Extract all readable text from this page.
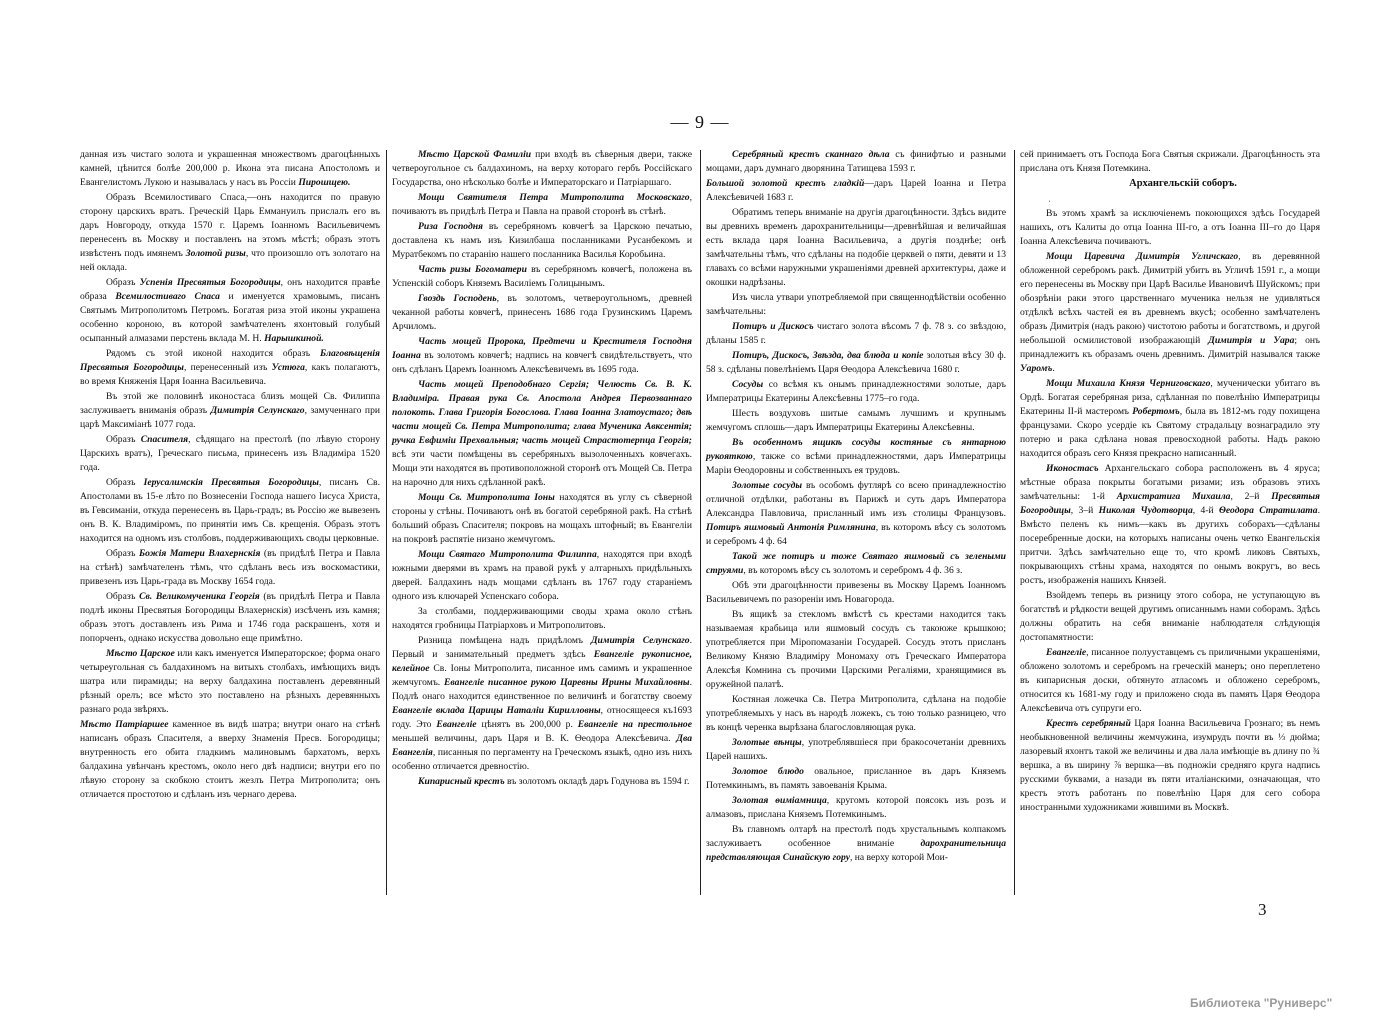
— 9 —

данная изъ чистаго золота и украшенная множествомъ драгоцѣнныхъ камней, цѣнится болѣе 200,000 р. Икона эта писана Апостоломъ и Евангелистомъ Лукою и называлась у насъ въ Россіи Пирошщею.

Образъ Всемилостиваго Спаса,—онъ находится по правую сторону царскихъ вратъ. Греческій Царь Еммануилъ прислалъ его въ даръ Новгороду, откуда 1570 г. Царемъ Іоанномъ Васильевичемъ перенесенъ въ Москву и поставленъ на этомъ мѣстѣ; образъ этотъ извѣстенъ подъ имянемъ Золотой ризы, что произошло отъ золотаго на ней оклада.

Образъ Успенія Пресвятыя Богородицы, онъ находится правѣе образа Всемилостиваго Спаса и именуется храмовымъ, писанъ Святымъ Митрополитомъ Петромъ. Богатая риза этой иконы украшена особенно короною, въ которой замѣчателенъ яхонтовый голубый осыпанный алмазами перстень вклада М. Н. Нарышкиной.

Рядомъ съ этой иконой находится образъ Благовѣщенія Пресвятыя Богородицы, перенесенный изъ Устюга, какъ полагаютъ, во время Княженія Царя Іоанна Васильевича.

Въ этой же половинѣ иконостаса близъ мощей Св. Филиппа заслуживаетъ вниманія образъ Димитрія Селунскаго, замученнаго при царѣ Максиміанѣ 1077 года.

Образъ Спасителя, сѣдящаго на престолѣ (по лѣвую сторону Царскихъ вратъ), Греческаго письма, принесенъ изъ Владиміра 1520 года.

Образъ Іерусалимскія Пресвятыя Богородицы, писанъ Св. Апостолами въ 15-е лѣто по Вознесеніи Господа нашего Іисуса Христа, въ Гевсиманіи, откуда перенесенъ въ Царь-градъ; въ Россію же вывезенъ онъ В. К. Владиміромъ, по принятіи имъ Св. крещенія. Образъ этотъ находится на одномъ изъ столбовъ, поддерживающихъ своды церковные.

Образъ Божія Матери Влахернскія (въ придѣлѣ Петра и Павла на стѣнѣ) замѣчателенъ тѣмъ, что сдѣланъ весь изъ воскомастики, привезенъ изъ Царь-града въ Москву 1654 года.

Образъ Св. Великомученика Георгія (въ придѣлѣ Петра и Павла подлѣ иконы Пресвятыя Богородицы Влахернскія) изсѣченъ изъ камня; образъ этотъ доставленъ изъ Рима и 1746 года раскрашенъ, хотя и попорченъ, однако искусства довольно еще примѣтно.

Мѣсто Царское или какъ именуется Императорское; форма онаго четыреугольная съ балдахиномъ на витыхъ столбахъ, имѣющихъ видъ шатра или пирамиды; на верху балдахина поставленъ деревянный рѣзный орелъ; все мѣсто это поставлено на рѣзныхъ деревянныхъ разнаго рода звѣряхъ.

Мѣсто Патріаршее каменное въ видѣ шатра; внутри онаго на стѣнѣ написанъ образъ Спасителя, а вверху Знаменія Пресв. Богородицы; внутренность его обита гладкимъ малиновымъ бархатомъ, верхъ балдахина увѣнчанъ крестомъ, около него двѣ надписи; внутри его по лѣвую сторону за скобкою стоитъ жезлъ Петра Митрополита; онъ отличается простотою и сдѣланъ изъ чернаго дерева.

Мѣсто Царской Фамиліи при входѣ въ сѣверныя двери, также четвероугольное съ балдахиномъ, на верху котораго гербъ Россійскаго Государства, оно нѣсколько болѣе и Императорскаго и Патріаршаго.

Мощи Святителя Петра Митрополита Московскаго, почиваютъ въ придѣлѣ Петра и Павла на правой сторонѣ въ стѣнѣ.

Риза Господня въ серебряномъ ковчегѣ за Царскою печатью, доставлена къ намъ изъ Кизилбаша посланниками Русанбекомъ и Муратбекомъ по старанію нашего посланника Василья Коробьина.

Часть ризы Богоматери въ серебряномъ ковчегѣ, положена въ Успенскій соборъ Княземъ Василіемъ Голицынымъ.

Гвоздь Господень, въ золотомъ, четвероугольномъ, древней чеканной работы ковчегѣ, принесенъ 1686 года Грузинскимъ Царемъ Арчиломъ.

Часть мощей Пророка, Предтечи и Крестителя Господня Іоанна въ золотомъ ковчегѣ; надпись на ковчегѣ свидѣтельствуетъ, что онъ сдѣланъ Царемъ Іоанномъ Алексѣевичемъ въ 1695 года.

Часть мощей Преподобнаго Сергія; Челюсть Св. В. К. Владиміра. Правая рука Св. Апостола Андрея Первозваннаго полокоть. Глава Григорія Богослова. Глава Іоанна Златоустаго; двѣ части мощей Св. Петра Митрополита; глава Мученика Авксентія; ручка Евфиміи Прехвальныя; часть мощей Страстотерпца Георгія; всѣ эти части помѣщены въ серебряныхъ вызолоченныхъ ковчегахъ. Мощи эти находятся въ противоположной сторонѣ отъ Мощей Св. Петра на нарочно для нихъ сдѣланной ракѣ.

Мощи Св. Митрополита Іоны находятся въ углу съ сѣверной стороны у стѣны. Почиваютъ онѣ въ богатой серебряной ракѣ. На стѣнѣ больший образъ Спасителя; покровъ на мощахъ штофный; въ Евангеліи на покровѣ распятіе низано жемчугомъ.

Мощи Святаго Митрополита Филиппа, находятся при входѣ южными дверями въ храмъ на правой рукѣ у алтарныхъ придѣльныхъ дверей. Балдахинъ надъ мощами сдѣланъ въ 1767 году стараніемъ одного изъ ключарей Успенскаго собора.

За столбами, поддерживающими своды храма около стѣнъ находятся гробницы Патріарховъ и Митрополитовъ.

Ризница помѣщена надъ придѣломъ Димитрія Селунскаго. Первый и занимательный предметъ здѣсь Евангеліе рукописное, келейное Св. Іоны Митрополита, писанное имъ самимъ и украшенное жемчугомъ. Евангеліе писанное рукою Царевны Ирины Михайловны. Подлѣ онаго находится единственное по величинѣ и богатству своему Евангеліе вклада Царицы Наталіи Кирилловны, относящееся къ1693 году. Это Евангеліе цѣнятъ въ 200,000 р. Евангеліе на престольное меньшей величины, даръ Царя и В. К. Ѳеодора Алексѣевича. Два Евангелія, писанныя по пергаменту на Греческомъ языкѣ, одно изъ нихъ особенно отличается древностію.

Кипарисный крестъ въ золотомъ окладѣ даръ Годунова въ 1594 г.

Серебряный крестъ сканнаго дѣла съ финифтью и разными мощами, даръ думнаго дворянина Татищева 1593 г.

Большой золотой крестъ гладкій—даръ Царей Іоанна и Петра Алексѣевичей 1683 г.

Обратимъ теперь вниманіе на другія драгоцѣнности. Здѣсь видите вы древнихъ временъ дарохранительницы—древнѣйшая и величайшая есть вклада царя Іоанна Васильевича, а другія позднѣе; онѣ замѣчательны тѣмъ, что сдѣланы на подобіе церквей о пяти, девяти и 13 главахъ со всѣми наружными украшеніями древней архитектуры, даже и окошки надрѣзаны.

Изъ числа утвари употребляемой при священнодѣйствіи особенно замѣчательны:

Потиръ и Дискосъ чистаго золота вѣсомъ 7 ф. 78 з. со звѣздою, дѣланы 1585 г.

Потиръ, Дискосъ, Звѣзда, два блюда и копіе золотыя вѣсу 30 ф. 58 з. сдѣланы повелѣніемъ Царя Ѳеодора Алексѣевича 1680 г.

Сосуды со всѣмя къ онымъ принадлежностями золотые, даръ Императрицы Екатерины Алексѣевны 1775–го года.

Шесть воздуховъ шитые самымъ лучшимъ и крупнымъ жемчугомъ сплошь—даръ Императрицы Екатерины Алексѣевны.

Въ особенномъ ящикѣ сосуды костяные съ янтарною рукояткою, также со всѣми принадлежностями, даръ Императрицы Маріи Ѳеодоровны и собственныхъ ея трудовъ.

Золотые сосуды въ особомъ футлярѣ со всею принадлежностію отличной отдѣлки, работаны въ Парижѣ и суть даръ Императора Александра Павловича, присланный имъ изъ столицы Французовъ. Потиръ яшмовый Антонія Римлянина, въ которомъ вѣсу съ золотомъ и серебромъ 4 ф. 64

Такой же потиръ и тоже Святаго яшмовый съ зелеными струями, въ которомъ вѣсу съ золотомъ и серебромъ 4 ф. 36 з.

Обѣ эти драгоцѣнности привезены въ Москву Царемъ Іоанномъ Васильевичемъ по разореніи имъ Новагорода.

Въ ящикѣ за стекломъ вмѣстѣ съ крестами находится такъ называемая крабьица или яшмовый сосудъ съ такоюже крышкою; употребляется при Міропомазаніи Государей. Сосудъ этотъ присланъ Великому Князю Владиміру Мономаху отъ Греческаго Императора Алексѣя Комнина съ прочими Царскими Регаліями, хранящимися въ оружейной палатѣ.

Костяная ложечка Св. Петра Митрополита, сдѣлана на подобіе употребляемыхъ у насъ въ народѣ ложекъ, съ тою только разницею, что въ концѣ черенка вырѣзана благословляющая рука.

Золотые вѣнцы, употреблявшіеся при бракосочетаніи древнихъ Царей нашихъ.

Золотое блюдо овальное, присланное въ даръ Княземъ Потемкинымъ, въ память завоеванія Крыма.

Золотая ѳиміамница, кругомъ которой поясокъ изъ розъ и алмазовъ, прислана Княземъ Потемкинымъ.

Въ главномъ олтарѣ на престолѣ подъ хрустальнымъ колпакомъ заслуживаетъ особенное вниманіе дарохранительница представляющая Синайскую гору, на верху которой Мои-

сей принимаетъ отъ Господа Бога Святыя скрижали. Драгоцѣнность эта прислана отъ Князя Потемкина.

Архангельскій соборъ.

ˌ

Въ этомъ храмѣ за исключіенемъ покоющихся здѣсь Государей нашихъ, отъ Калиты до отца Іоанна III-го, а отъ Іоанна III–го до Царя Іоанна Алексѣевича почиваютъ.

Мощи Царевича Димитрія Угличскаго, въ деревянной обложенной серебромъ ракѣ. Димитрій убитъ въ Угличѣ 1591 г., а мощи его перенесены въ Москву при Царѣ Василье Ивановичѣ Шуйскомъ; при обозрѣніи раки этого царственнаго мученика нельзя не удивляться отдѣлкѣ всѣхъ частей ея въ древнемъ вкусѣ; особенно замѣчателенъ образъ Димитрія (надъ ракою) чистотою работы и богатствомъ, и другой небольшой осмилистовой изображающій Димитрія и Уара; онъ принадлежитъ къ образамъ очень древнимъ. Димитрій назывался также Уаромъ.

Мощи Михаила Князя Черниговскаго, мученически убитаго въ Ордѣ. Богатая серебряная риза, сдѣланная по повелѣнію Императрицы Екатерины II-й мастеромъ Робертомъ, была въ 1812-мъ году похищена французами. Скоро усердіе къ Святому страдальцу вознаградило эту потерю и рака сдѣлана новая превосходной работы. Надъ ракою находится образъ сего Князя прекрасно написанный.

Иконостасъ Архангельскаго собора расположенъ въ 4 яруса; мѣстные образа покрыты богатыми ризами; изъ образовъ этихъ замѣчательны: 1-й Архистратига Михаила, 2–й Пресвятыя Богородицы, 3–й Николая Чудотворца, 4-й Ѳеодора Стратилата. Вмѣсто пеленъ къ нимъ—какъ въ другихъ соборахъ—сдѣланы посеребренные доски, на которыхъ написаны очень четко Евангельскія притчи. Здѣсь замѣчательно еще то, что кромѣ ликовъ Святыхъ, покрывающихъ стѣны храма, находятся по онымъ вокругъ, во весь ростъ, изображенія нашихъ Князей.

Взойдемъ теперь въ ризницу этого собора, не уступающую въ богатствѣ и рѣдкости вещей другимъ описаннымъ нами соборамъ. Здѣсь должны обратить на себя вниманіе наблюдателя слѣдующія достопамятности:

Евангеліе, писанное полууставцемъ съ приличными украшеніями, обложено золотомъ и серебромъ на греческій манеръ; оно переплетено въ кипарисныя доски, обтянуто атласомъ и обложено серебромъ, относится къ 1681-му году и приложено сюда въ память Царя Ѳеодора Алексѣевича отъ супруги его.

Крестъ серебряный Царя Іоанна Васильевича Грознаго; въ немъ необыкновенной величины жемчужина, изумрудъ почти въ ⅓ дюйма; лазоревый яхонтъ такой же величины и два лала имѣющіе въ длину по ¾ вершка, а въ ширину ⅞ вершка—въ подножіи средняго круга надпись русскими буквами, а назади въ пяти италіанскими, означающая, что крестъ этотъ работанъ по повелѣнію Царя для сего собора иностранными художниками жившими въ Москвѣ.

3
Библиотека "Руниверс"
